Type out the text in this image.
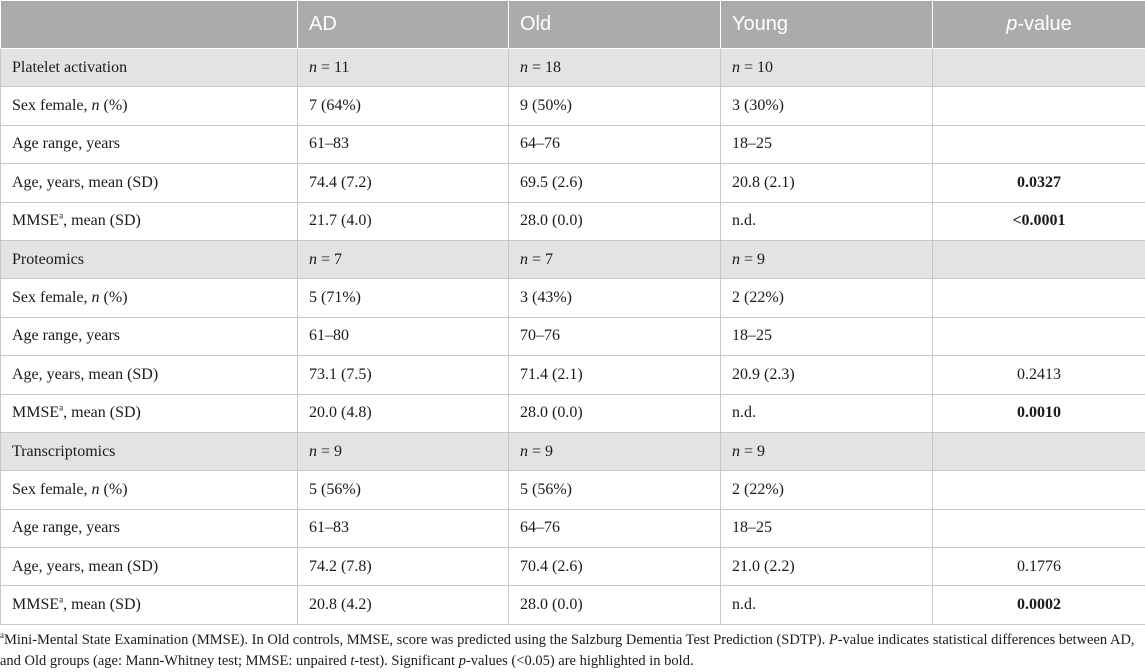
	AD	Old	Young	p-value
Platelet activation	n = 11	n = 18	n = 10	
Sex female, n (%)	7 (64%)	9 (50%)	3 (30%)	
Age range, years	61–83	64–76	18–25	
Age, years, mean (SD)	74.4 (7.2)	69.5 (2.6)	20.8 (2.1)	0.0327
MMSE$^a$, mean (SD)	21.7 (4.0)	28.0 (0.0)	n.d.	<0.0001
Proteomics	n = 7	n = 7	n = 9	
Sex female, n (%)	5 (71%)	3 (43%)	2 (22%)	
Age range, years	61–80	70–76	18–25	
Age, years, mean (SD)	73.1 (7.5)	71.4 (2.1)	20.9 (2.3)	0.2413
MMSE$^a$, mean (SD)	20.0 (4.8)	28.0 (0.0)	n.d.	0.0010
Transcriptomics	n = 9	n = 9	n = 9	
Sex female, n (%)	5 (56%)	5 (56%)	2 (22%)	
Age range, years	61–83	64–76	18–25	
Age, years, mean (SD)	74.2 (7.8)	70.4 (2.6)	21.0 (2.2)	0.1776
MMSE$^a$, mean (SD)	20.8 (4.2)	28.0 (0.0)	n.d.	0.0002

$^a$Mini-Mental State Examination (MMSE). In Old controls, MMSE, score was predicted using the Salzburg Dementia Test Prediction (SDTP). P-value indicates statistical differences between AD, and Old groups (age: Mann-Whitney test; MMSE: unpaired t-test). Significant p-values (<0.05) are highlighted in bold.
